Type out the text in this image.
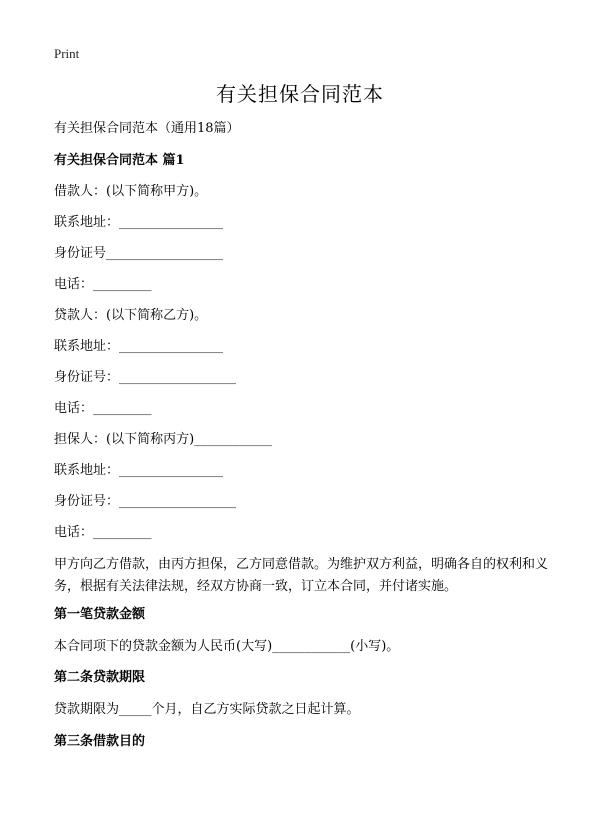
Print
有关担保合同范本
有关担保合同范本（通用18篇）
有关担保合同范本 篇1
借款人：(以下简称甲方)。
联系地址：________________
身份证号__________________
电话：_________
贷款人：(以下简称乙方)。
联系地址：________________
身份证号：__________________
电话：_________
担保人：(以下简称丙方)____________
联系地址：________________
身份证号：__________________
电话：_________
甲方向乙方借款，由丙方担保，乙方同意借款。为维护双方利益，明确各自的权利和义务，根据有关法律法规，经双方协商一致，订立本合同，并付诸实施。
第一笔贷款金额
本合同项下的贷款金额为人民币(大写)____________(小写)。
第二条贷款期限
贷款期限为_____个月，自乙方实际贷款之日起计算。
第三条借款目的
